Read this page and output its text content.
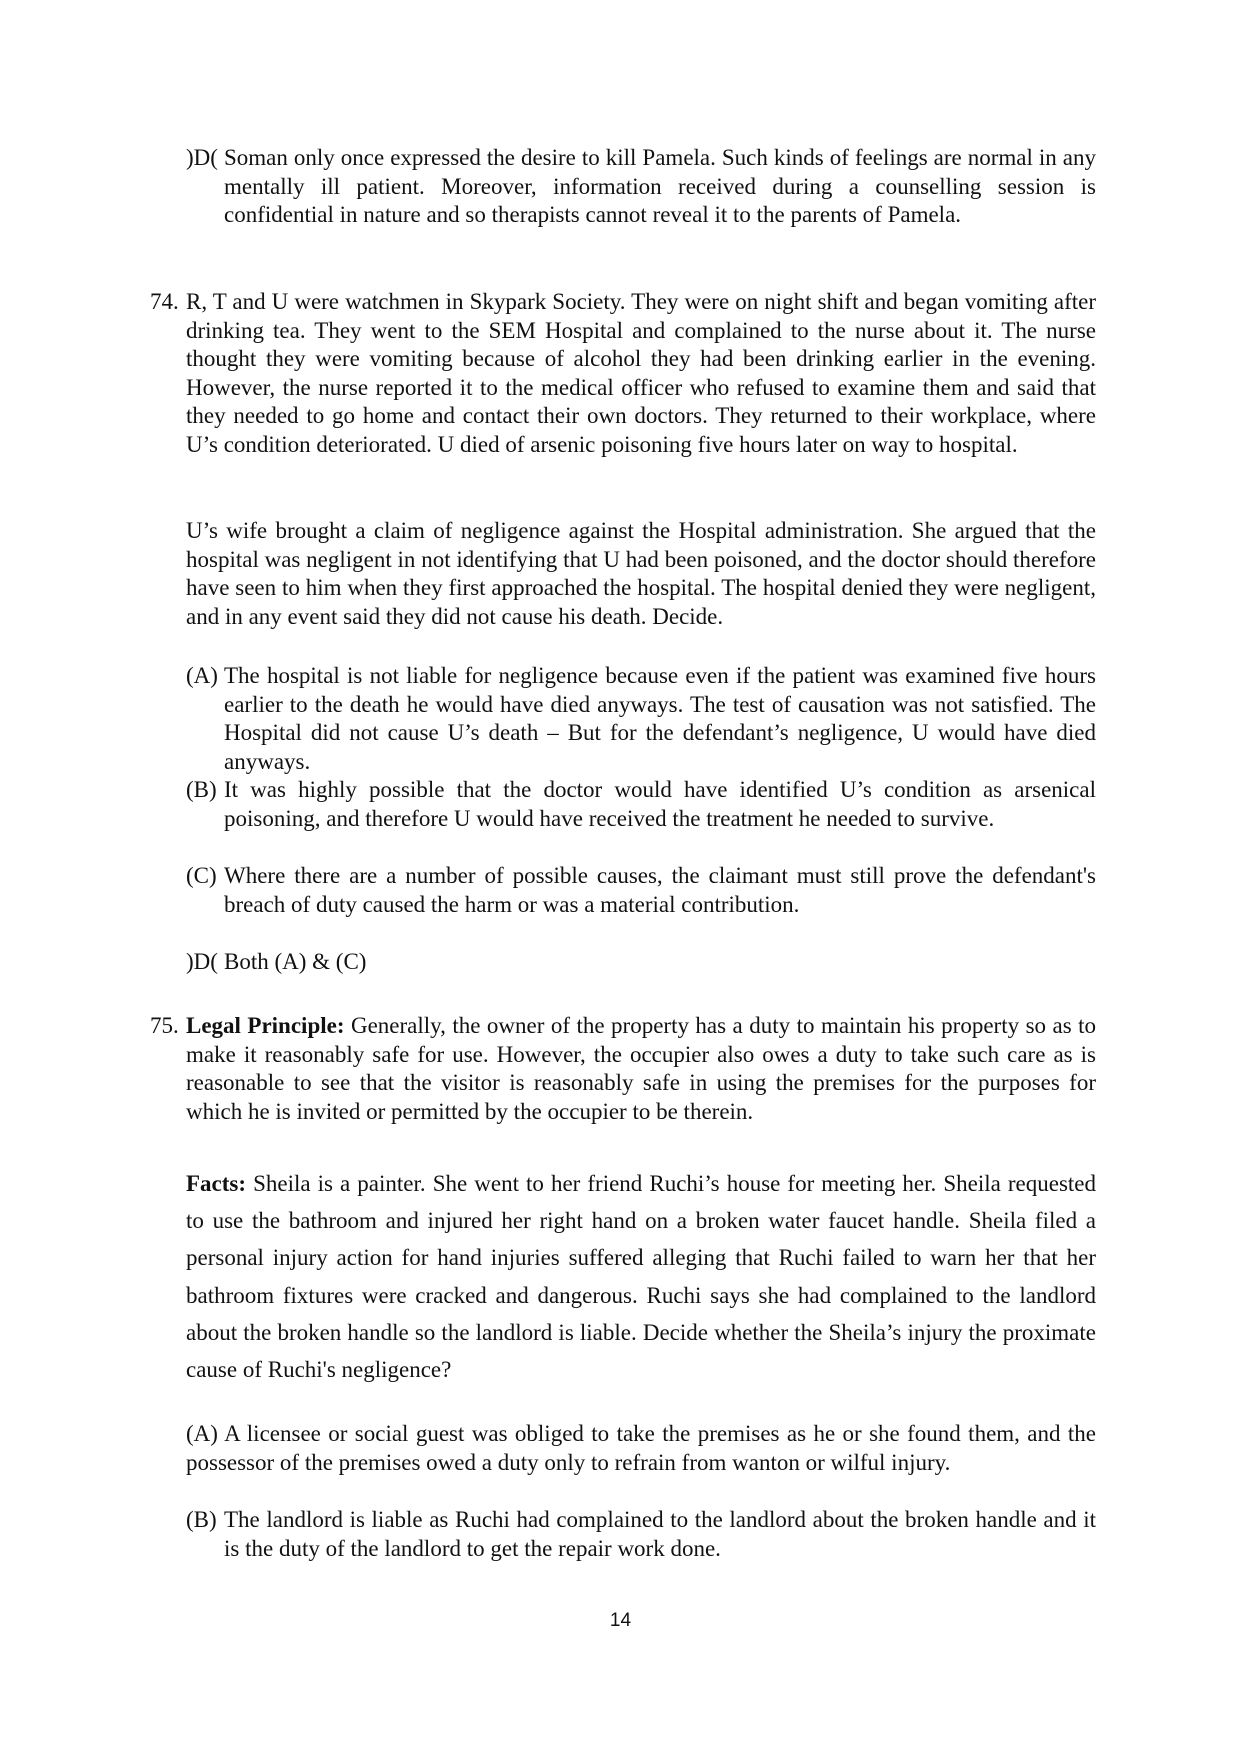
)D( Soman only once expressed the desire to kill Pamela. Such kinds of feelings are normal in any mentally ill patient. Moreover, information received during a counselling session is confidential in nature and so therapists cannot reveal it to the parents of Pamela.
74. R, T and U were watchmen in Skypark Society. They were on night shift and began vomiting after drinking tea. They went to the SEM Hospital and complained to the nurse about it. The nurse thought they were vomiting because of alcohol they had been drinking earlier in the evening. However, the nurse reported it to the medical officer who refused to examine them and said that they needed to go home and contact their own doctors. They returned to their workplace, where U’s condition deteriorated. U died of arsenic poisoning five hours later on way to hospital.
U’s wife brought a claim of negligence against the Hospital administration. She argued that the hospital was negligent in not identifying that U had been poisoned, and the doctor should therefore have seen to him when they first approached the hospital. The hospital denied they were negligent, and in any event said they did not cause his death. Decide.
(A) The hospital is not liable for negligence because even if the patient was examined five hours earlier to the death he would have died anyways. The test of causation was not satisfied. The Hospital did not cause U’s death – But for the defendant’s negligence, U would have died anyways.
(B) It was highly possible that the doctor would have identified U’s condition as arsenical poisoning, and therefore U would have received the treatment he needed to survive.
(C) Where there are a number of possible causes, the claimant must still prove the defendant's breach of duty caused the harm or was a material contribution.
)D( Both (A) & (C)
75. Legal Principle: Generally, the owner of the property has a duty to maintain his property so as to make it reasonably safe for use. However, the occupier also owes a duty to take such care as is reasonable to see that the visitor is reasonably safe in using the premises for the purposes for which he is invited or permitted by the occupier to be therein.
Facts: Sheila is a painter. She went to her friend Ruchi’s house for meeting her. Sheila requested to use the bathroom and injured her right hand on a broken water faucet handle. Sheila filed a personal injury action for hand injuries suffered alleging that Ruchi failed to warn her that her bathroom fixtures were cracked and dangerous. Ruchi says she had complained to the landlord about the broken handle so the landlord is liable. Decide whether the Sheila’s injury the proximate cause of Ruchi's negligence?
(A) A licensee or social guest was obliged to take the premises as he or she found them, and the possessor of the premises owed a duty only to refrain from wanton or wilful injury.
(B) The landlord is liable as Ruchi had complained to the landlord about the broken handle and it is the duty of the landlord to get the repair work done.
14
